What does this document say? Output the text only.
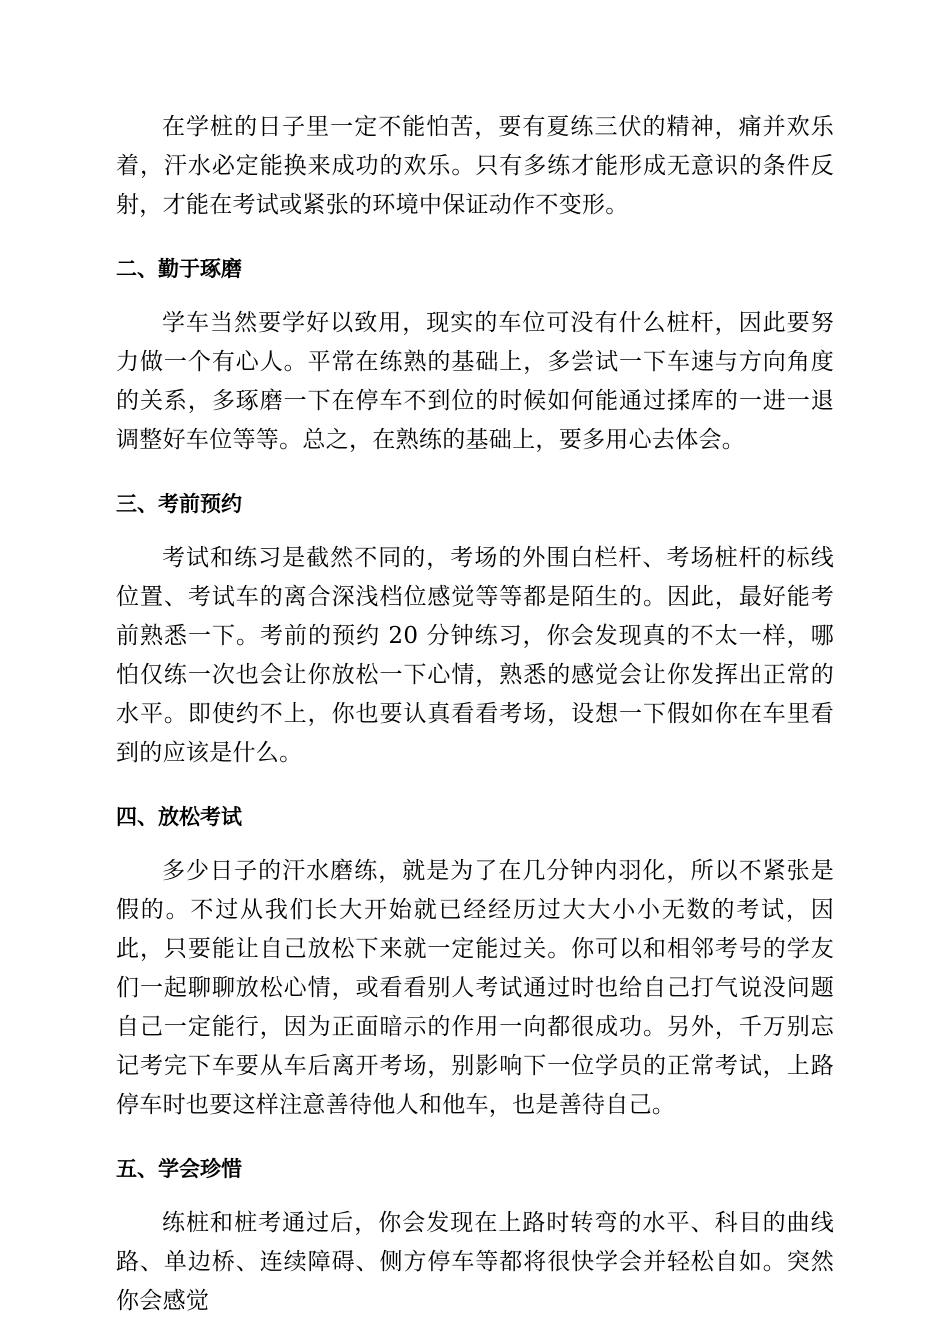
在学桩的日子里一定不能怕苦，要有夏练三伏的精神，痛并欢乐着，汗水必定能换来成功的欢乐。只有多练才能形成无意识的条件反射，才能在考试或紧张的环境中保证动作不变形。

二、勤于琢磨

学车当然要学好以致用，现实的车位可没有什么桩杆，因此要努力做一个有心人。平常在练熟的基础上，多尝试一下车速与方向角度的关系，多琢磨一下在停车不到位的时候如何能通过揉库的一进一退调整好车位等等。总之，在熟练的基础上，要多用心去体会。

三、考前预约

考试和练习是截然不同的，考场的外围白栏杆、考场桩杆的标线位置、考试车的离合深浅档位感觉等等都是陌生的。因此，最好能考前熟悉一下。考前的预约 20 分钟练习，你会发现真的不太一样，哪怕仅练一次也会让你放松一下心情，熟悉的感觉会让你发挥出正常的水平。即使约不上，你也要认真看看考场，设想一下假如你在车里看到的应该是什么。

四、放松考试

多少日子的汗水磨练，就是为了在几分钟内羽化，所以不紧张是假的。不过从我们长大开始就已经经历过大大小小无数的考试，因此，只要能让自己放松下来就一定能过关。你可以和相邻考号的学友们一起聊聊放松心情，或看看别人考试通过时也给自己打气说没问题自己一定能行，因为正面暗示的作用一向都很成功。另外，千万别忘记考完下车要从车后离开考场，别影响下一位学员的正常考试，上路停车时也要这样注意善待他人和他车，也是善待自己。

五、学会珍惜

练桩和桩考通过后，你会发现在上路时转弯的水平、科目的曲线路、单边桥、连续障碍、侧方停车等都将很快学会并轻松自如。突然你会感觉
